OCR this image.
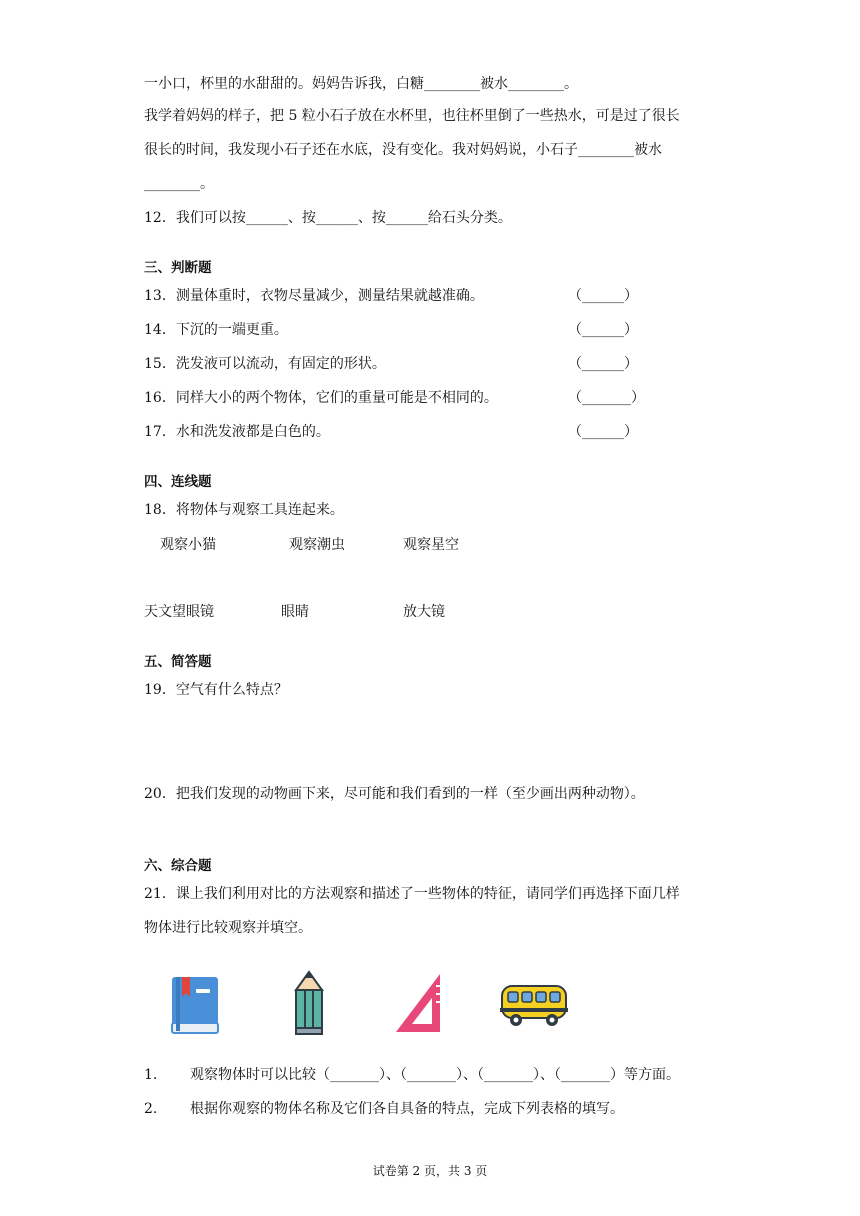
一小口，杯里的水甜甜的。妈妈告诉我，白糖________被水________。
我学着妈妈的样子，把 5 粒小石子放在水杯里，也往杯里倒了一些热水，可是过了很长
很长的时间，我发现小石子还在水底，没有变化。我对妈妈说，小石子________被水
________。
12．我们可以按______、按______、按______给石头分类。
三、判断题
13．测量体重时，衣物尽量减少，测量结果就越准确。	（______）
14．下沉的一端更重。	（______）
15．洗发液可以流动，有固定的形状。	（______）
16．同样大小的两个物体，它们的重量可能是不相同的。	（_______）
17．水和洗发液都是白色的。	（______）
四、连线题
18．将物体与观察工具连起来。
观察小猫	观察潮虫	观察星空
天文望眼镜	眼睛	放大镜
五、简答题
19．空气有什么特点？
20．把我们发现的动物画下来，尽可能和我们看到的一样（至少画出两种动物）。
六、综合题
21．课上我们利用对比的方法观察和描述了一些物体的特征，请同学们再选择下面几样
物体进行比较观察并填空。
1. 观察物体时可以比较（_______）、（_______）、（_______）、（_______）等方面。
2. 根据你观察的物体名称及它们各自具备的特点，完成下列表格的填写。
试卷第 2 页，共 3 页
